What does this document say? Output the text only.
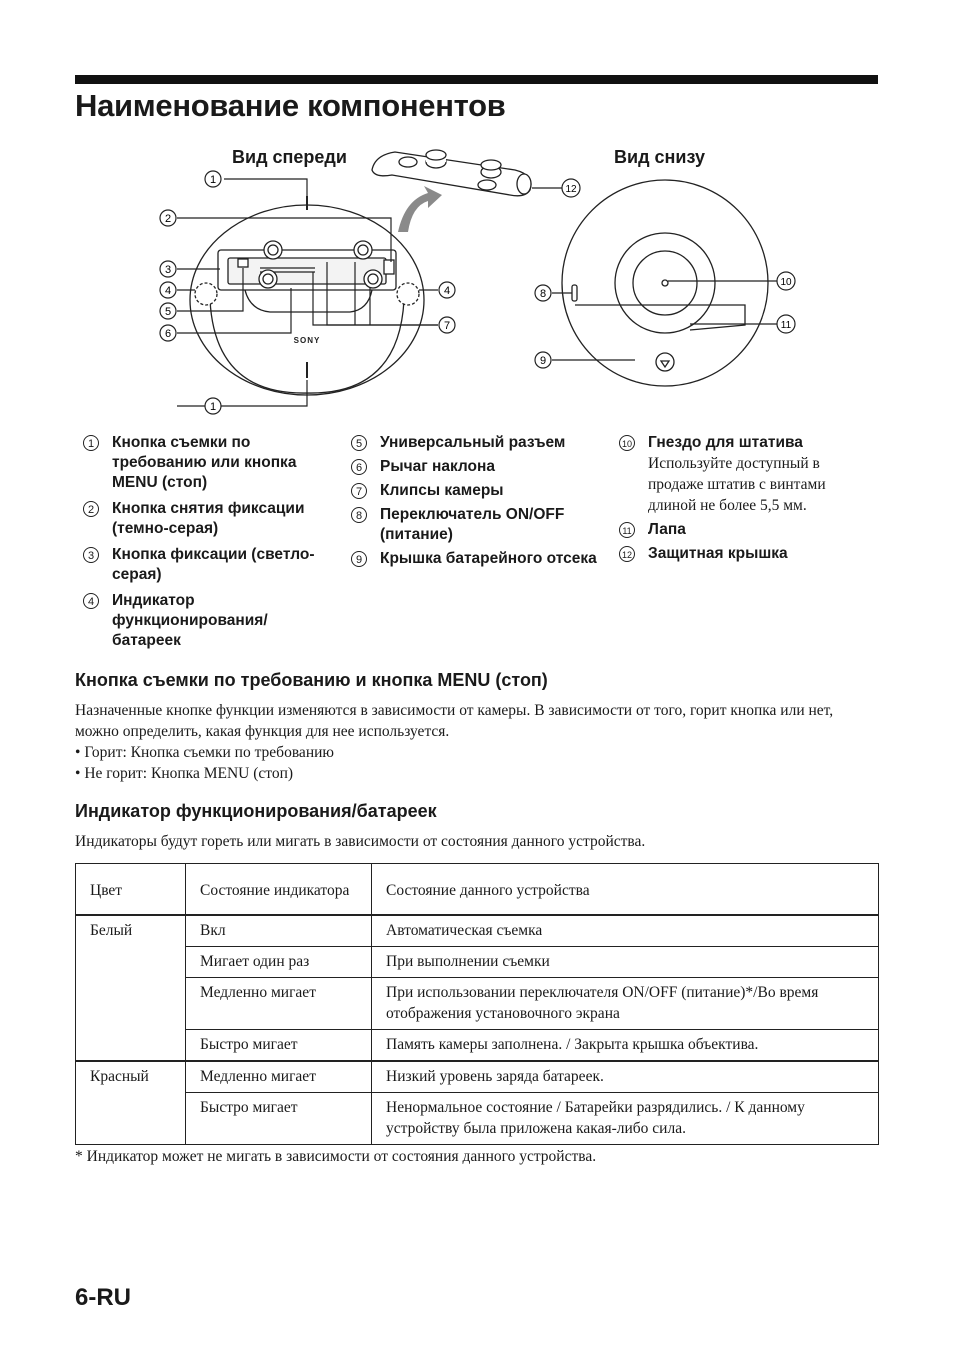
Наименование компонентов
Вид спереди	Вид снизу
SONY
1
2
3
4
5
6
1
4
7
12
8
9
10
11
1	Кнопка съемки по требованию или кнопка MENU (стоп)
2	Кнопка снятия фиксации (темно-серая)
3	Кнопка фиксации (светло-серая)
4	Индикатор функционирования/ батареек
5	Универсальный разъем
6	Рычаг наклона
7	Клипсы камеры
8	Переключатель ON/OFF (питание)
9	Крышка батарейного отсека
10 Гнездо для штатива
Используйте доступный в продаже штатив с винтами длиной не более 5,5 мм.
11 Лапа
12 Защитная крышка
Кнопка съемки по требованию и кнопка MENU (стоп)

Назначенные кнопке функции изменяются в зависимости от камеры. В зависимости от того, горит кнопка или нет, можно определить, какая функция для нее используется.

• Горит: Кнопка съемки по требованию
• Не горит: Кнопка MENU (стоп)
Индикатор функционирования/батареек

Индикаторы будут гореть или мигать в зависимости от состояния данного устройства.

Цвет	Состояние индикатора	Состояние данного устройства
Белый	Вкл	Автоматическая съемка
	Мигает один раз	При выполнении съемки
	Медленно мигает	При использовании переключателя ON/OFF (питание)*/Во время отображения установочного экрана
	Быстро мигает	Память камеры заполнена. / Закрыта крышка объектива.
Красный	Медленно мигает	Низкий уровень заряда батареек.
	Быстро мигает	Ненормальное состояние / Батарейки разрядились. / К данному устройству была приложена какая-либо сила.

* Индикатор может не мигать в зависимости от состояния данного устройства.

6-RU
